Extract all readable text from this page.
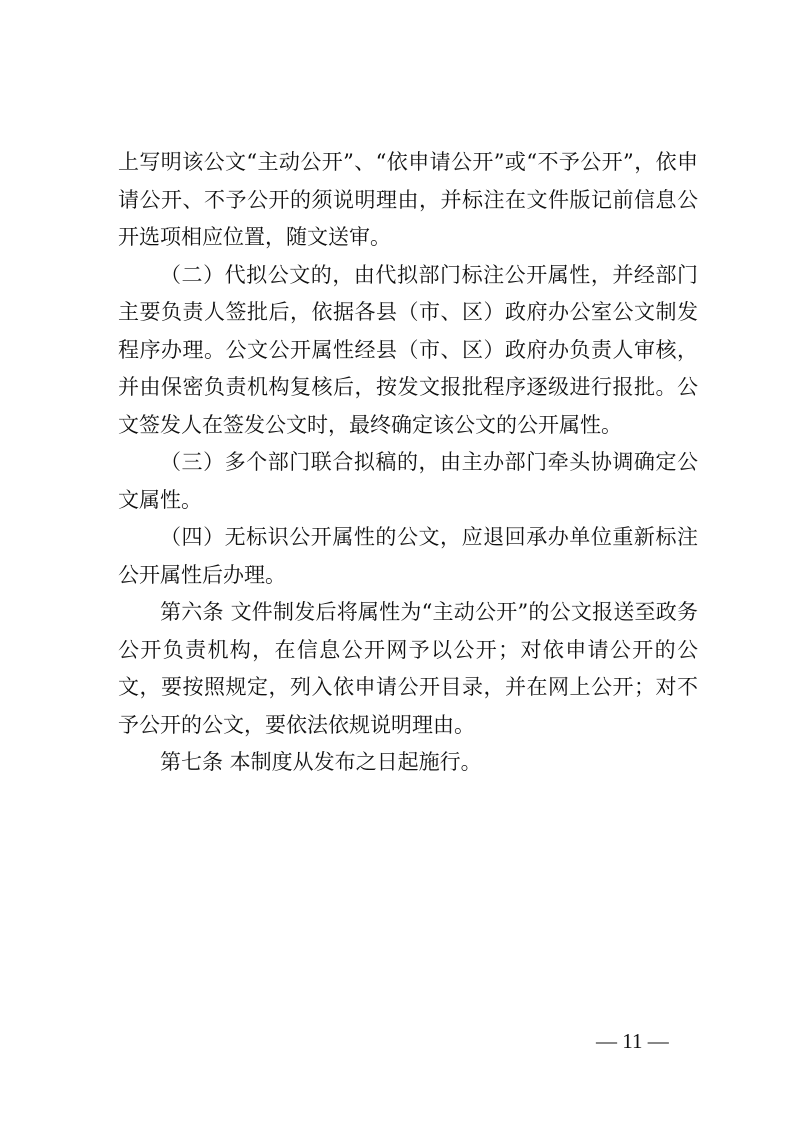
上写明该公文“主动公开”、“依申请公开”或“不予公开”，依申请公开、不予公开的须说明理由，并标注在文件版记前信息公开选项相应位置，随文送审。

（二）代拟公文的，由代拟部门标注公开属性，并经部门主要负责人签批后，依据各县（市、区）政府办公室公文制发程序办理。公文公开属性经县（市、区）政府办负责人审核，并由保密负责机构复核后，按发文报批程序逐级进行报批。公文签发人在签发公文时，最终确定该公文的公开属性。

（三）多个部门联合拟稿的，由主办部门牵头协调确定公文属性。

（四）无标识公开属性的公文，应退回承办单位重新标注公开属性后办理。

第六条 文件制发后将属性为“主动公开”的公文报送至政务公开负责机构，在信息公开网予以公开；对依申请公开的公文，要按照规定，列入依申请公开目录，并在网上公开；对不予公开的公文，要依法依规说明理由。

第七条 本制度从发布之日起施行。

— 11 —
